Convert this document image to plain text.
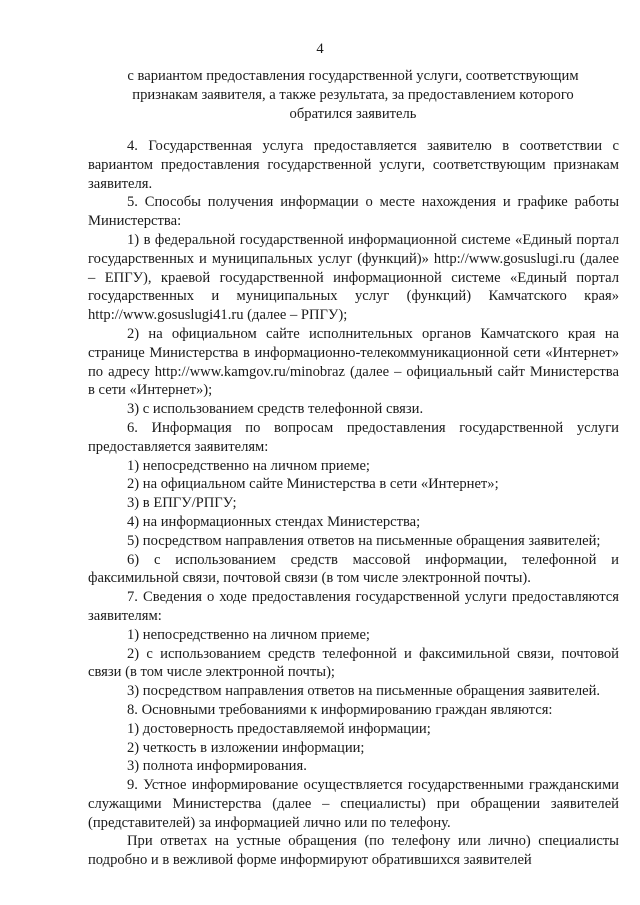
4
с вариантом предоставления государственной услуги, соответствующим
признакам заявителя, а также результата, за предоставлением которого
обратился заявитель

4. Государственная услуга предоставляется заявителю в соответствии с вариантом предоставления государственной услуги, соответствующим признакам заявителя.

5. Способы получения информации о месте нахождения и графике работы Министерства:

1) в федеральной государственной информационной системе «Единый портал государственных и муниципальных услуг (функций)» http://www.gosuslugi.ru (далее – ЕПГУ), краевой государственной информационной системе «Единый портал государственных и муниципальных услуг (функций) Камчатского края» http://www.gosuslugi41.ru (далее – РПГУ);

2) на официальном сайте исполнительных органов Камчатского края на странице Министерства в информационно-телекоммуникационной сети «Интернет» по адресу http://www.kamgov.ru/minobraz (далее – официальный сайт Министерства в сети «Интернет»);

3) с использованием средств телефонной связи.

6. Информация по вопросам предоставления государственной услуги предоставляется заявителям:

1) непосредственно на личном приеме;

2) на официальном сайте Министерства в сети «Интернет»;

3) в ЕПГУ/РПГУ;

4) на информационных стендах Министерства;

5) посредством направления ответов на письменные обращения заявителей;

6) с использованием средств массовой информации, телефонной и факсимильной связи, почтовой связи (в том числе электронной почты).

7. Сведения о ходе предоставления государственной услуги предоставляются заявителям:

1) непосредственно на личном приеме;

2) с использованием средств телефонной и факсимильной связи, почтовой связи (в том числе электронной почты);

3) посредством направления ответов на письменные обращения заявителей.

8. Основными требованиями к информированию граждан являются:

1) достоверность предоставляемой информации;

2) четкость в изложении информации;

3) полнота информирования.

9. Устное информирование осуществляется государственными гражданскими служащими Министерства (далее – специалисты) при обращении заявителей (представителей) за информацией лично или по телефону.

При ответах на устные обращения (по телефону или лично) специалисты подробно и в вежливой форме информируют обратившихся заявителей
